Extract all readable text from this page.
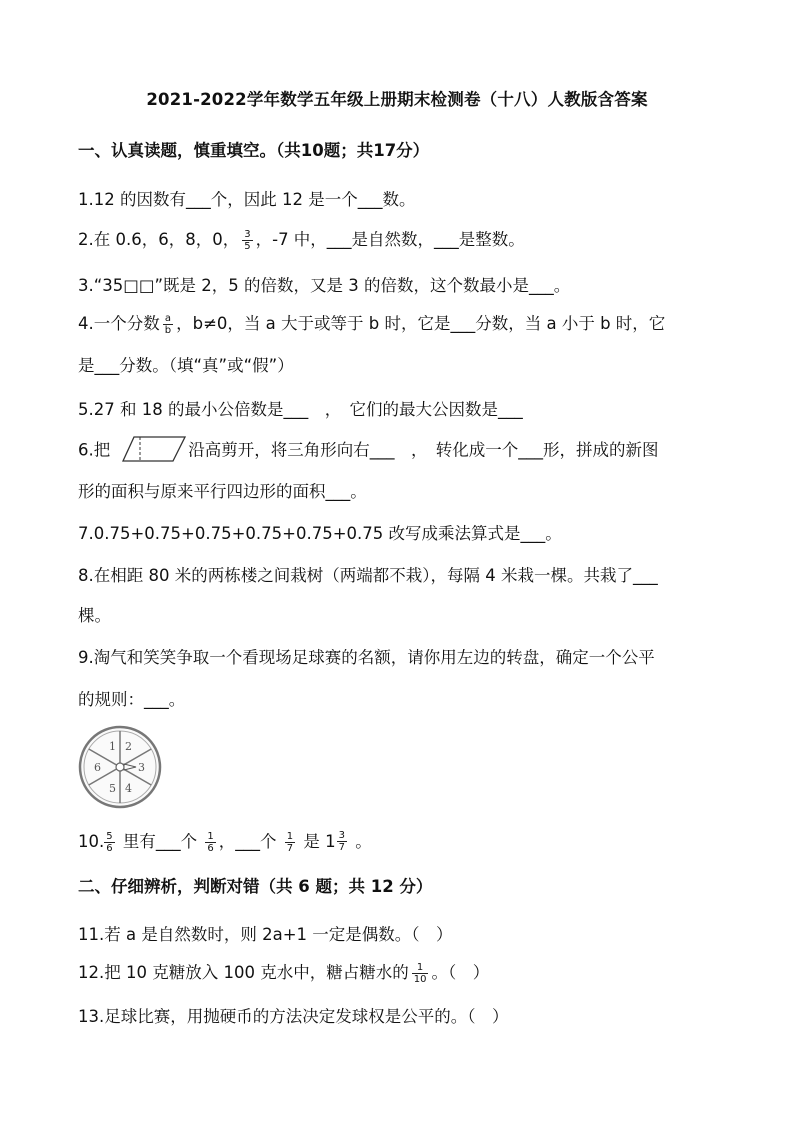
2021-2022学年数学五年级上册期末检测卷（十八）人教版含答案
一、认真读题，慎重填空。（共10题；共17分）
1.12 的因数有___个，因此 12 是一个___数。
2.在 0.6，6，8，0， $\frac{3}{5}$ ，-7 中，___是自然数，___是整数。
3.“35□□”既是 2，5 的倍数，又是 3 的倍数，这个数最小是___。
4.一个分数 $\frac{a}{b}$ ，b≠0，当 a 大于或等于 b 时，它是___分数，当 a 小于 b 时，它
是___分数。（填“真”或“假”）
5.27 和 18 的最小公倍数是___　，　它们的最大公因数是___
6.把	沿高剪开，将三角形向右___　，　转化成一个___形，拼成的新图
形的面积与原来平行四边形的面积___。
7.0.75+0.75+0.75+0.75+0.75+0.75 改写成乘法算式是___。
8.在相距 80 米的两栋楼之间栽树（两端都不栽），每隔 4 米栽一棵。共栽了___
棵。
9.淘气和笑笑争取一个看现场足球赛的名额，请你用左边的转盘，确定一个公平
的规则：___。
1 2
3
4
5
6
10. $\frac{5}{6}$ 里有___个 $\frac{1}{6}$ ，___个 $\frac{1}{7}$ 是 $1 \frac{3}{7}$ 。
二、仔细辨析，判断对错（共 6 题；共 12 分）
11.若 a 是自然数时，则 2a+1 一定是偶数。（　）
12.把 10 克糖放入 100 克水中，糖占糖水的 $\frac{1}{10}$ 。（　）
13.足球比赛，用抛硬币的方法决定发球权是公平的。（　）
